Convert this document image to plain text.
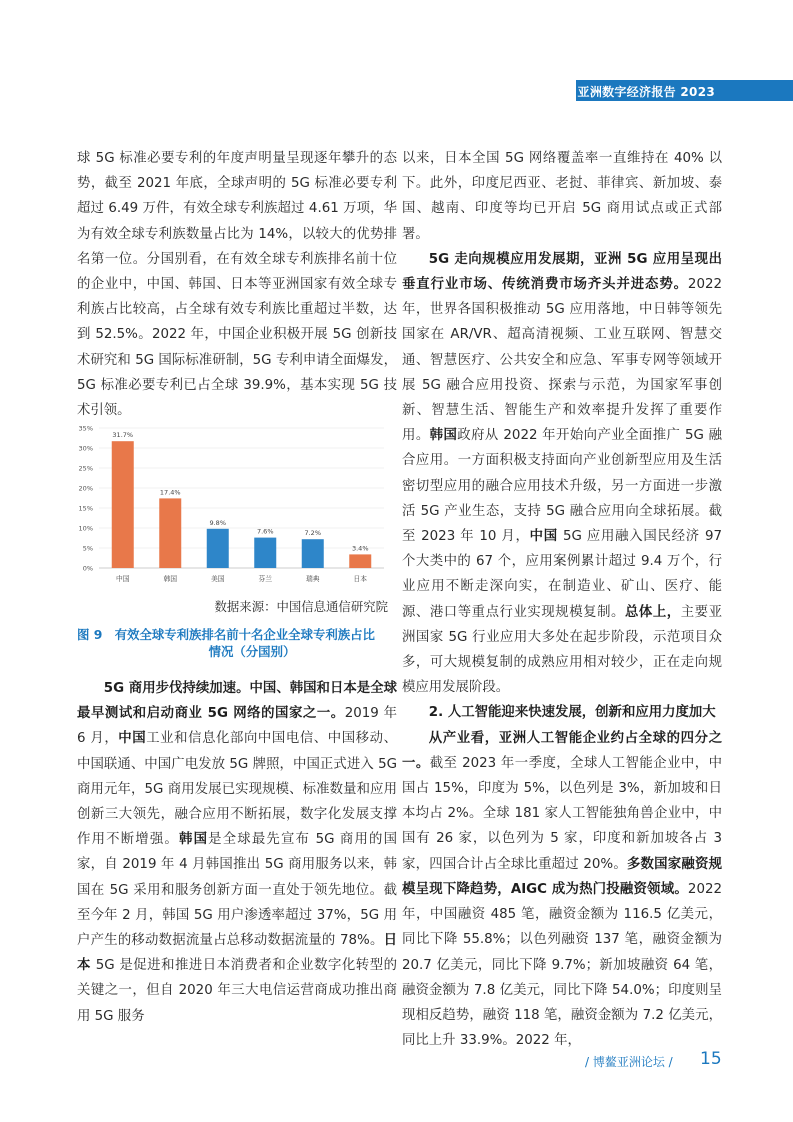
亚洲数字经济报告 2023

球 5G 标准必要专利的年度声明量呈现逐年攀升的态势，截至 2021 年底，全球声明的 5G 标准必要专利超过 6.49 万件，有效全球专利族超过 4.61 万项，华为有效全球专利族数量占比为 14%，以较大的优势排名第一位。分国别看，在有效全球专利族排名前十位的企业中，中国、韩国、日本等亚洲国家有效全球专利族占比较高，占全球有效专利族比重超过半数，达到 52.5%。2022 年，中国企业积极开展 5G 创新技术研究和 5G 国际标准研制，5G 专利申请全面爆发，5G 标准必要专利已占全球 39.9%，基本实现 5G 技术引领。

0%
5%
10%
15%
20%
25%
30%
35%
31.7%
中国
17.4%
韩国
9.8%
美国
7.6%
芬兰
7.2%
瑞典
3.4%
日本
数据来源：中国信息通信研究院
图 9　有效全球专利族排名前十名企业全球专利族占比
情况（分国别）

5G 商用步伐持续加速。中国、韩国和日本是全球最早测试和启动商业 5G 网络的国家之一。2019 年 6 月，中国工业和信息化部向中国电信、中国移动、中国联通、中国广电发放 5G 牌照，中国正式进入 5G 商用元年，5G 商用发展已实现规模、标准数量和应用创新三大领先，融合应用不断拓展，数字化发展支撑作用不断增强。韩国是全球最先宣布 5G 商用的国家，自 2019 年 4 月韩国推出 5G 商用服务以来，韩国在 5G 采用和服务创新方面一直处于领先地位。截至今年 2 月，韩国 5G 用户渗透率超过 37%，5G 用户产生的移动数据流量占总移动数据流量的 78%。日本 5G 是促进和推进日本消费者和企业数字化转型的关键之一，但自 2020 年三大电信运营商成功推出商用 5G 服务

以来，日本全国 5G 网络覆盖率一直维持在 40% 以下。此外，印度尼西亚、老挝、菲律宾、新加坡、泰国、越南、印度等均已开启 5G 商用试点或正式部署。

5G 走向规模应用发展期，亚洲 5G 应用呈现出垂直行业市场、传统消费市场齐头并进态势。2022 年，世界各国积极推动 5G 应用落地，中日韩等领先国家在 AR/VR、超高清视频、工业互联网、智慧交通、智慧医疗、公共安全和应急、军事专网等领域开展 5G 融合应用投资、探索与示范，为国家军事创新、智慧生活、智能生产和效率提升发挥了重要作用。韩国政府从 2022 年开始向产业全面推广 5G 融合应用。一方面积极支持面向产业创新型应用及生活密切型应用的融合应用技术升级，另一方面进一步激活 5G 产业生态，支持 5G 融合应用向全球拓展。截至 2023 年 10 月，中国 5G 应用融入国民经济 97 个大类中的 67 个，应用案例累计超过 9.4 万个，行业应用不断走深向实，在制造业、矿山、医疗、能源、港口等重点行业实现规模复制。总体上，主要亚洲国家 5G 行业应用大多处在起步阶段，示范项目众多，可大规模复制的成熟应用相对较少，正在走向规模应用发展阶段。

2. 人工智能迎来快速发展，创新和应用力度加大

从产业看，亚洲人工智能企业约占全球的四分之一。截至 2023 年一季度，全球人工智能企业中，中国占 15%，印度为 5%，以色列是 3%，新加坡和日本均占 2%。全球 181 家人工智能独角兽企业中，中国有 26 家，以色列为 5 家，印度和新加坡各占 3 家，四国合计占全球比重超过 20%。多数国家融资规模呈现下降趋势，AIGC 成为热门投融资领域。2022 年，中国融资 485 笔，融资金额为 116.5 亿美元，同比下降 55.8%；以色列融资 137 笔，融资金额为 20.7 亿美元，同比下降 9.7%；新加坡融资 64 笔，融资金额为 7.8 亿美元，同比下降 54.0%；印度则呈现相反趋势，融资 118 笔，融资金额为 7.2 亿美元，同比上升 33.9%。2022 年，

/ 博鳌亚洲论坛 / 15
